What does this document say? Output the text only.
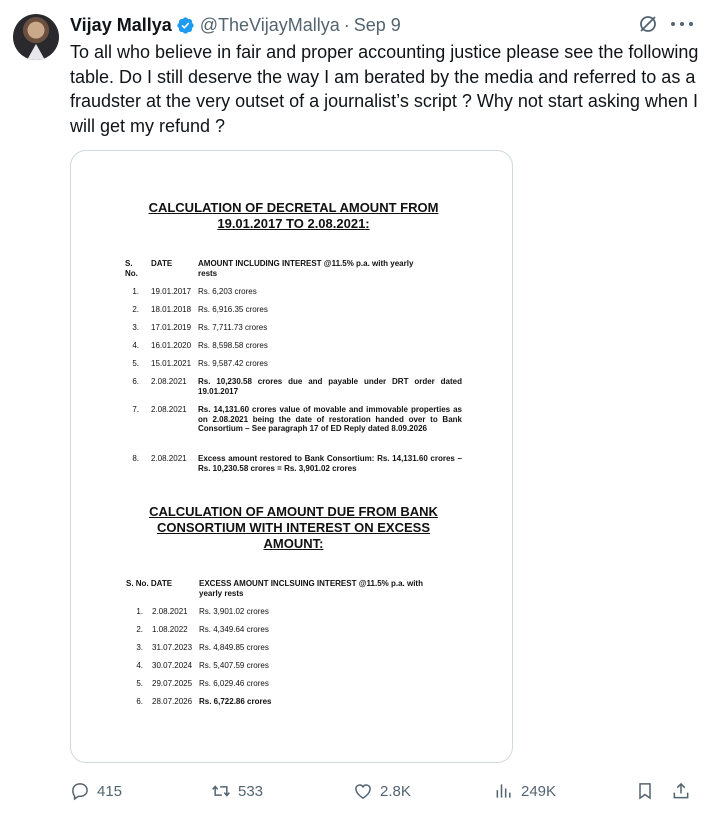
Vijay Mallya @TheVijayMallya · Sep 9
To all who believe in fair and proper accounting justice please see the following table. Do I still deserve the way I am berated by the media and referred to as a fraudster at the very outset of a journalist’s script ? Why not start asking when I will get my refund ?
CALCULATION OF DECRETAL AMOUNT FROM
19.01.2017 TO 2.08.2021:
S.
No.
DATE	AMOUNT INCLUDING INTEREST @11.5% p.a. with yearly
rests
1. 19.01.2017 Rs. 6,203 crores
2. 18.01.2018 Rs. 6,916.35 crores
3. 17.01.2019 Rs. 7,711.73 crores
4. 16.01.2020 Rs. 8,598.58 crores
5. 15.01.2021 Rs. 9,587.42 crores
6. 2.08.2021 Rs. 10,230.58 crores due and payable under DRT order dated 19.01.2017
7. 2.08.2021 Rs. 14,131.60 crores value of movable and immovable properties as on 2.08.2021 being the date of restoration handed over to Bank Consortium – See paragraph 17 of ED Reply dated 8.09.2026
8. 2.08.2021 Excess amount restored to Bank Consortium: Rs. 14,131.60 crores – Rs. 10,230.58 crores = Rs. 3,901.02 crores
CALCULATION OF AMOUNT DUE FROM BANK
CONSORTIUM WITH INTEREST ON EXCESS
AMOUNT:
S. No. DATE	EXCESS AMOUNT INCLSUING INTEREST @11.5% p.a. with
yearly rests
1. 2.08.2021 Rs. 3,901.02 crores
2. 1.08.2022 Rs. 4,349.64 crores
3. 31.07.2023 Rs. 4,849.85 crores
4. 30.07.2024 Rs. 5,407.59 crores
5. 29.07.2025 Rs. 6,029.46 crores
6. 28.07.2026 Rs. 6,722.86 crores
415	533	2.8K	249K
